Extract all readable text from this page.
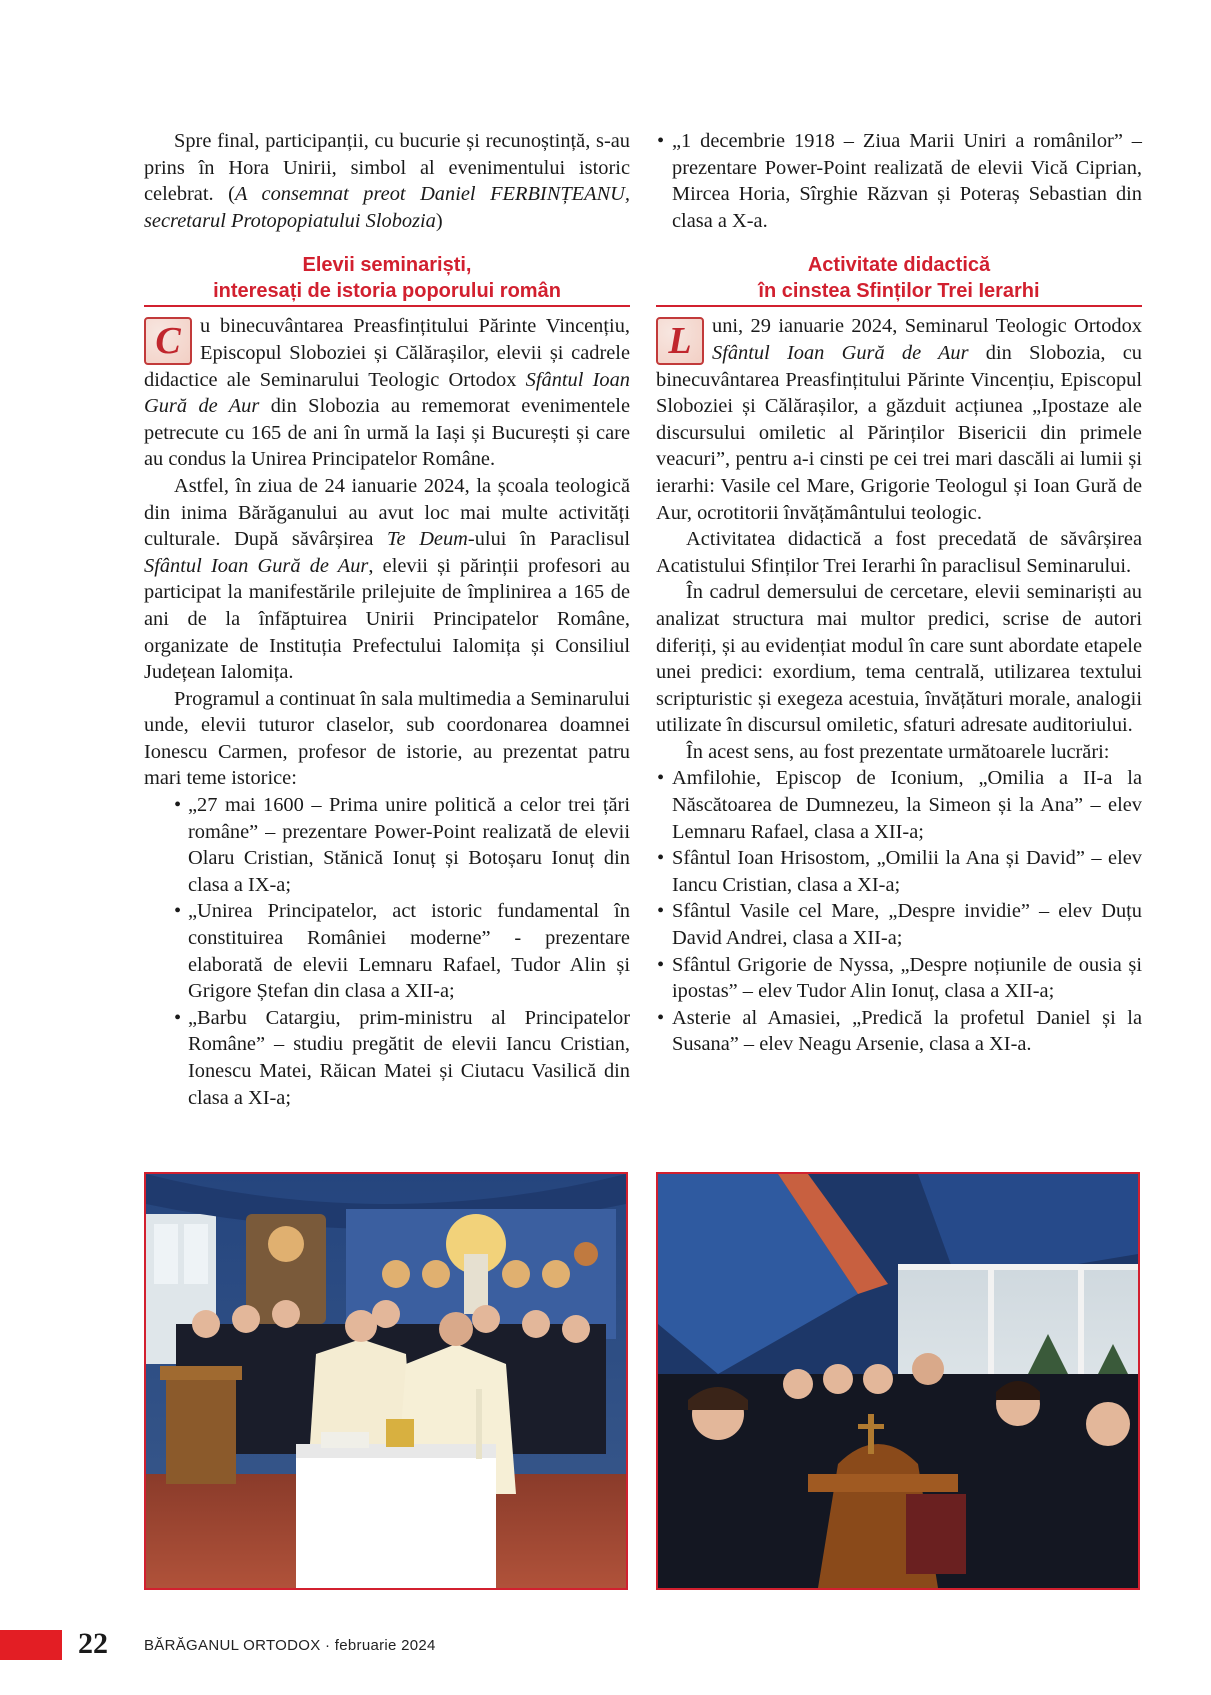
Spre final, participanții, cu bucurie și recunoștință, s-au prins în Hora Unirii, simbol al evenimentului istoric celebrat. (A consemnat preot Daniel FERBINȚEANU, secretarul Protopopiatului Slobozia)

Elevii seminariști,
interesați de istoria poporului român

C u binecuvântarea Preasfințitului Părinte Vincențiu, Episcopul Sloboziei și Călărașilor, elevii și cadrele didactice ale Seminarului Teologic Ortodox Sfântul Ioan Gură de Aur din Slobozia au rememorat evenimentele petrecute cu 165 de ani în urmă la Iași și București și care au condus la Unirea Principatelor Române.

Astfel, în ziua de 24 ianuarie 2024, la școala teologică din inima Bărăganului au avut loc mai multe activități culturale. După săvârșirea Te Deum-ului în Paraclisul Sfântul Ioan Gură de Aur, elevii și părinții profesori au participat la manifestările prilejuite de împlinirea a 165 de ani de la înfăptuirea Unirii Principatelor Române, organizate de Instituția Prefectului Ialomița și Consiliul Județean Ialomița.

Programul a continuat în sala multimedia a Seminarului unde, elevii tuturor claselor, sub coordonarea doamnei Ionescu Carmen, profesor de istorie, au prezentat patru mari teme istorice:

• „27 mai 1600 – Prima unire politică a celor trei țări române” – prezentare Power-Point realizată de elevii Olaru Cristian, Stănică Ionuț și Botoșaru Ionuț din clasa a IX-a;
• „Unirea Principatelor, act istoric fundamental în constituirea României moderne” - prezentare elaborată de elevii Lemnaru Rafael, Tudor Alin și Grigore Ștefan din clasa a XII-a;
• „Barbu Catargiu, prim-ministru al Principatelor Române” – studiu pregătit de elevii Iancu Cristian, Ionescu Matei, Răican Matei și Ciutacu Vasilică din clasa a XI-a;
• „1 decembrie 1918 – Ziua Marii Uniri a românilor” – prezentare Power-Point realizată de elevii Vică Ciprian, Mircea Horia, Sîrghie Răzvan și Poteraș Sebastian din clasa a X-a.
Activitate didactică
în cinstea Sfinților Trei Ierarhi

L uni, 29 ianuarie 2024, Seminarul Teologic Ortodox Sfântul Ioan Gură de Aur din Slobozia, cu binecuvântarea Preasfințitului Părinte Vincențiu, Episcopul Sloboziei și Călărașilor, a găzduit acțiunea „Ipostaze ale discursului omiletic al Părinților Bisericii din primele veacuri”, pentru a-i cinsti pe cei trei mari dascăli ai lumii și ierarhi: Vasile cel Mare, Grigorie Teologul și Ioan Gură de Aur, ocrotitorii învățământului teologic.

Activitatea didactică a fost precedată de săvârșirea Acatistului Sfinților Trei Ierarhi în paraclisul Seminarului.

În cadrul demersului de cercetare, elevii seminariști au analizat structura mai multor predici, scrise de autori diferiți, și au evidențiat modul în care sunt abordate etapele unei predici: exordium, tema centrală, utilizarea textului scripturistic și exegeza acestuia, învățături morale, analogii utilizate în discursul omiletic, sfaturi adresate auditoriului.

În acest sens, au fost prezentate următoarele lucrări:

• Amfilohie, Episcop de Iconium, „Omilia a II-a la Născătoarea de Dumnezeu, la Simeon și la Ana” – elev Lemnaru Rafael, clasa a XII-a;
• Sfântul Ioan Hrisostom, „Omilii la Ana și David” – elev Iancu Cristian, clasa a XI-a;
• Sfântul Vasile cel Mare, „Despre invidie” – elev Duțu David Andrei, clasa a XII-a;
• Sfântul Grigorie de Nyssa, „Despre noțiunile de ousia și ipostas” – elev Tudor Alin Ionuț, clasa a XII-a;
• Asterie al Amasiei, „Predică la profetul Daniel și la Susana” – elev Neagu Arsenie, clasa a XI-a.
22 BĂRĂGANUL ORTODOX · februarie 2024
